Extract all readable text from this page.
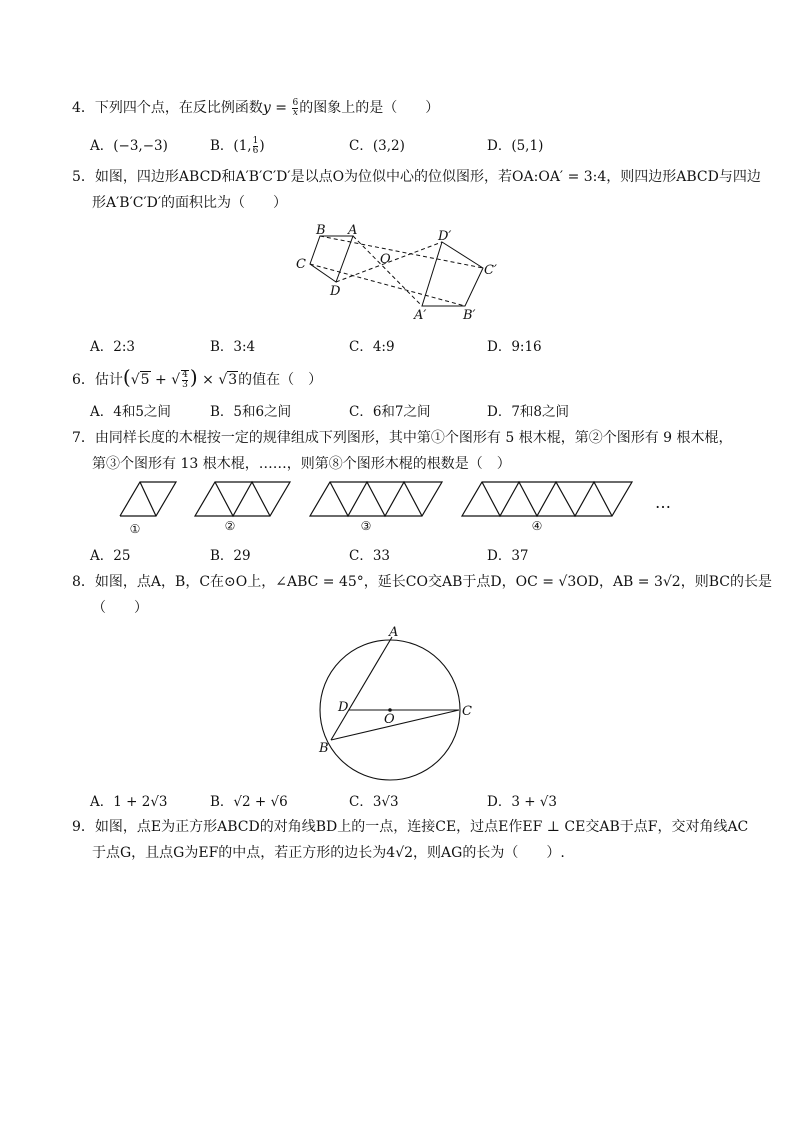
4．下列四个点，在反比例函数$y = \frac{6}{x}$ 的图象上的是（　　）
A．(−3,−3)	B．(1, $\frac{1}{6}$ )	C．(3,2)	D．(5,1)
5．如图，四边形ABCD和A′B′C′D′是以点O为位似中心的位似图形，若OA:OA′ = 3:4，则四边形ABCD与四边
形A′B′C′D′的面积比为（　　）
B A
C
D
O
D′
C′
A′	B′
A．2:3	B．3:4	C．4:9	D．9:16
6．估计(√5 + √ $\frac{4}{3}$ ) × √3的值在（　）
A．4和5之间	B．5和6之间	C．6和7之间	D．7和8之间
7．由同样长度的木棍按一定的规律组成下列图形，其中第①个图形有 5 根木棍，第②个图形有 9 根木棍，
第③个图形有 13 根木棍，……，则第⑧个图形木棍的根数是（　）
①	②	③	④
…
A．25	B．29	C．33	D．37
8．如图，点A，B，C在⊙O上，∠ABC = 45°，延长CO交AB于点D，OC = √3OD，AB = 3√2，则BC的长是
（　　）
A
B
C
D
O
A．1 + 2√3	B．√2 + √6	C．3√3	D．3 + √3
9．如图，点E为正方形ABCD的对角线BD上的一点，连接CE，过点E作EF ⊥ CE交AB于点F，交对角线AC
于点G，且点G为EF的中点，若正方形的边长为4√2，则AG的长为（　　）.
